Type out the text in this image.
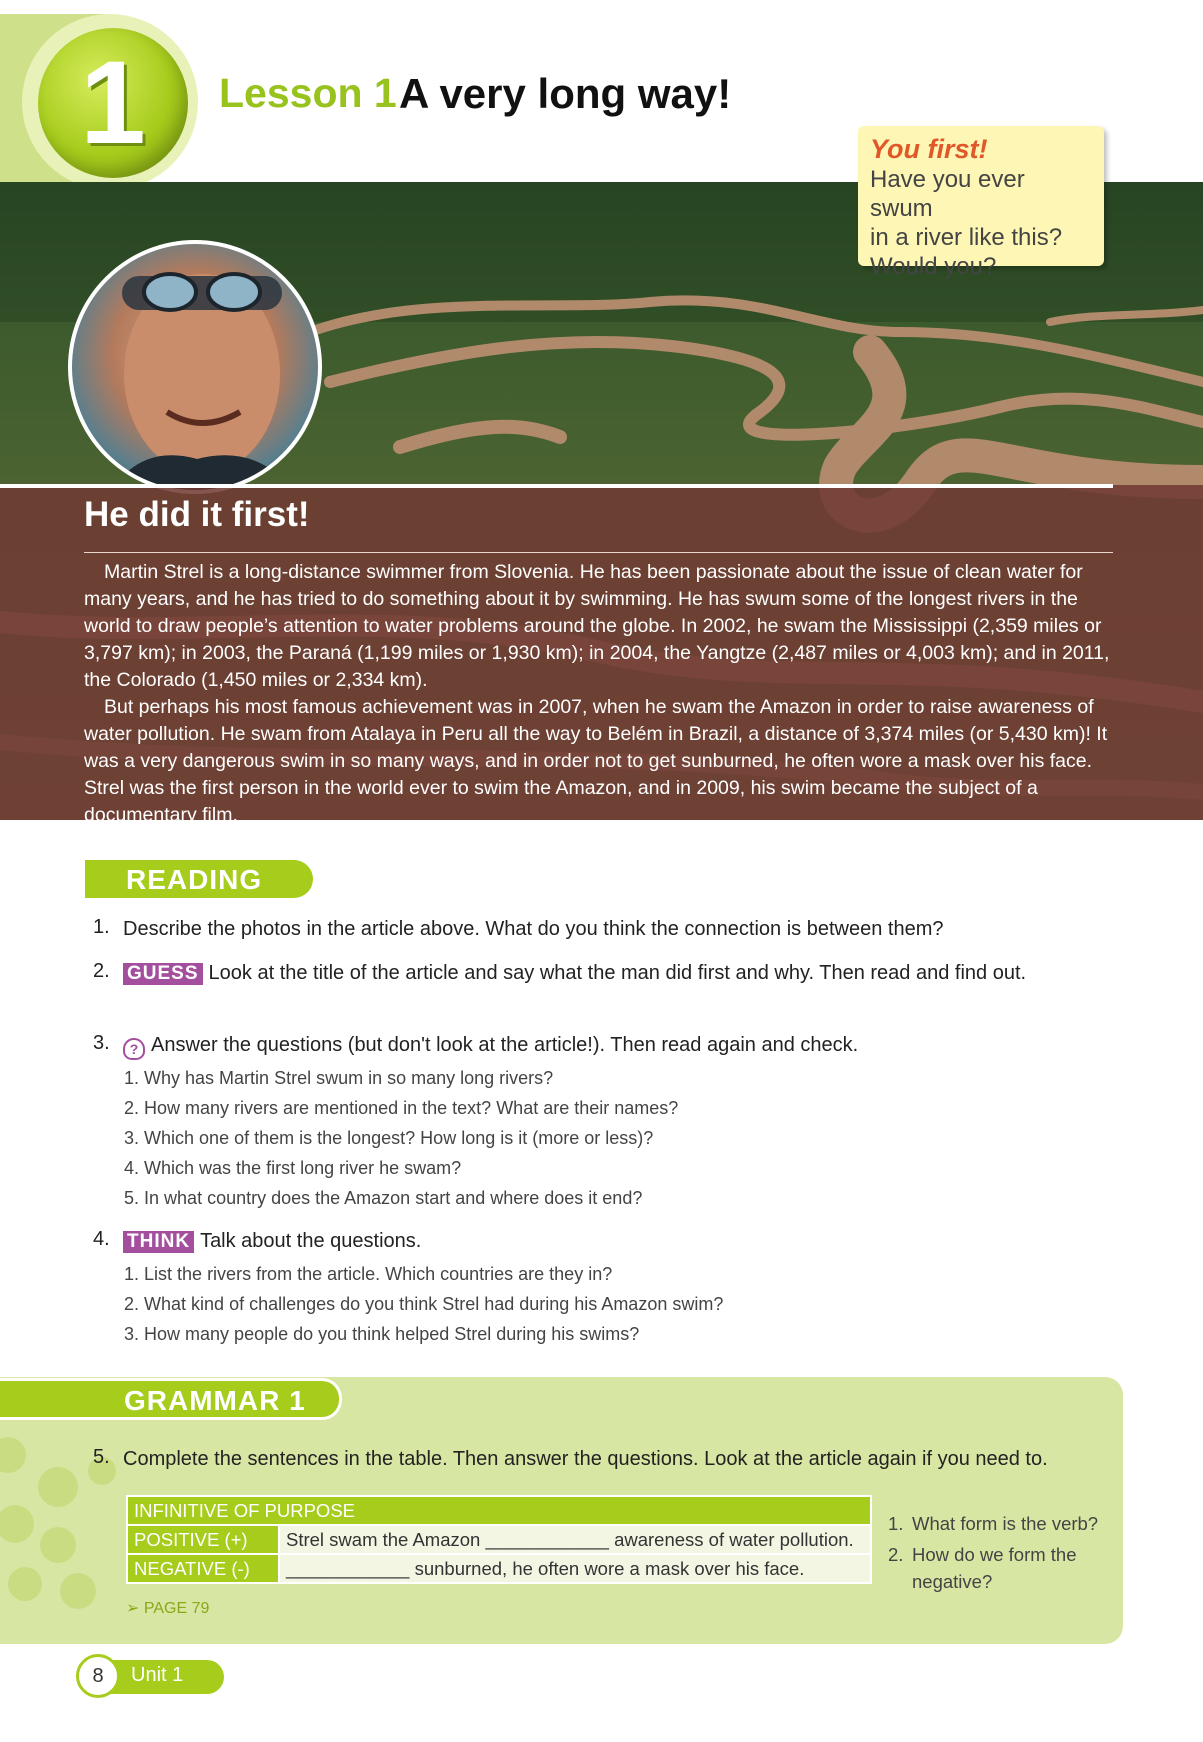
1	Lesson 1 A very long way!

You first!

Have you ever swum

in a river like this?

Would you?

He did it first!

Martin Strel is a long-distance swimmer from Slovenia. He has been passionate about the issue of clean water for many years, and he has tried to do something about it by swimming. He has swum some of the longest rivers in the world to draw people’s attention to water problems around the globe. In 2002, he swam the Mississippi (2,359 miles or 3,797 km); in 2003, the Paraná (1,199 miles or 1,930 km); in 2004, the Yangtze (2,487 miles or 4,003 km); and in 2011, the Colorado (1,450 miles or 2,334 km).

But perhaps his most famous achievement was in 2007, when he swam the Amazon in order to raise awareness of water pollution. He swam from Atalaya in Peru all the way to Belém in Brazil, a distance of 3,374 miles (or 5,430 km)! It was a very dangerous swim in so many ways, and in order not to get sunburned, he often wore a mask over his face. Strel was the first person in the world ever to swim the Amazon, and in 2009, his swim became the subject of a documentary film.

READING
1. Describe the photos in the article above. What do you think the connection is between them?
2. GUESS Look at the title of the article and say what the man did first and why. Then read and find out.
3.	? Answer the questions (but don't look at the article!). Then read again and check.
1. Why has Martin Strel swum in so many long rivers?
2. How many rivers are mentioned in the text? What are their names?
3. Which one of them is the longest? How long is it (more or less)?
4. Which was the first long river he swam?
5. In what country does the Amazon start and where does it end?
4. THINK Talk about the questions.
1. List the rivers from the article. Which countries are they in?
2. What kind of challenges do you think Strel had during his Amazon swim?
3. How many people do you think helped Strel during his swims?
GRAMMAR 1
5. Complete the sentences in the table. Then answer the questions. Look at the article again if you need to.
INFINITIVE OF PURPOSE	
POSITIVE (+)	Strel swam the Amazon ____________ awareness of water pollution.
NEGATIVE (-)	____________ sunburned, he often wore a mask over his face.
➢ PAGE 79
1. What form is the verb?
2. How do we form the negative?
8	Unit 1
